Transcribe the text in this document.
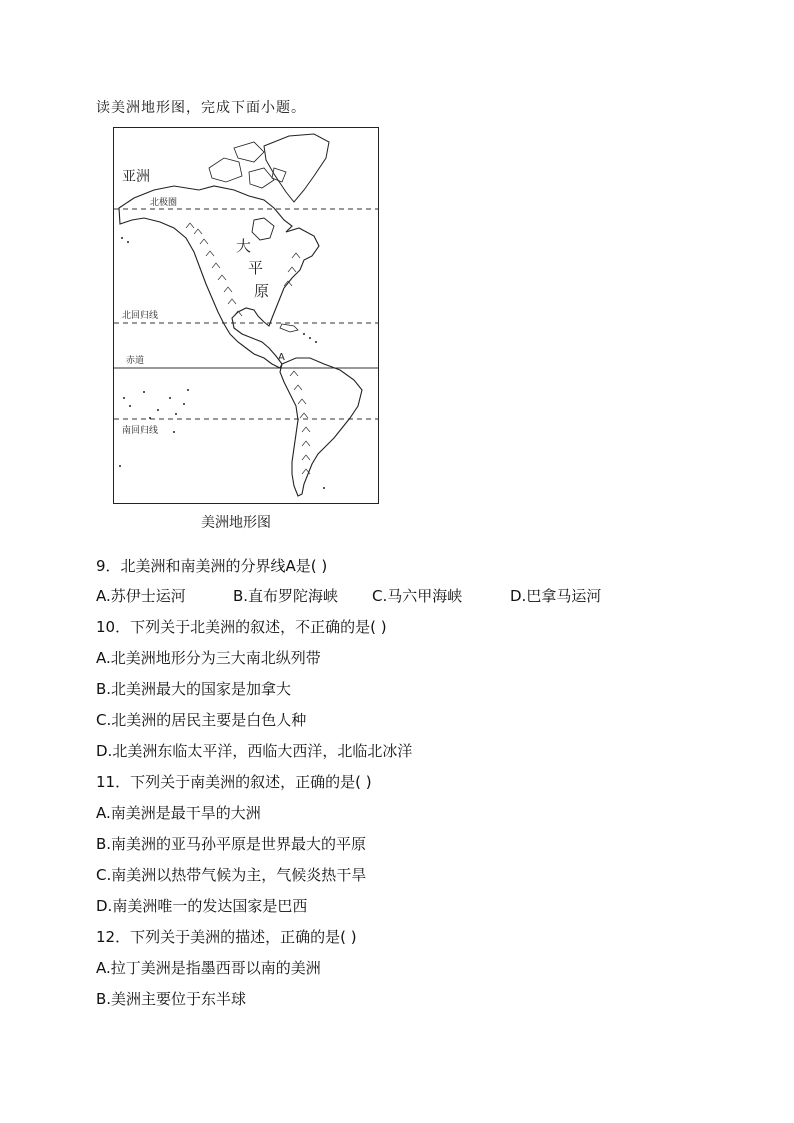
读美洲地形图，完成下面小题。
亚洲
北极圈
北回归线
赤道
南回归线
大
平
原
A
美洲地形图
9．北美洲和南美洲的分界线A是( )
A.苏伊士运河	B.直布罗陀海峡 C.马六甲海峡	D.巴拿马运河
10．下列关于北美洲的叙述，不正确的是( )
A.北美洲地形分为三大南北纵列带
B.北美洲最大的国家是加拿大
C.北美洲的居民主要是白色人种
D.北美洲东临太平洋，西临大西洋，北临北冰洋
11．下列关于南美洲的叙述，正确的是( )
A.南美洲是最干旱的大洲
B.南美洲的亚马孙平原是世界最大的平原
C.南美洲以热带气候为主，气候炎热干旱
D.南美洲唯一的发达国家是巴西
12．下列关于美洲的描述，正确的是( )
A.拉丁美洲是指墨西哥以南的美洲
B.美洲主要位于东半球
